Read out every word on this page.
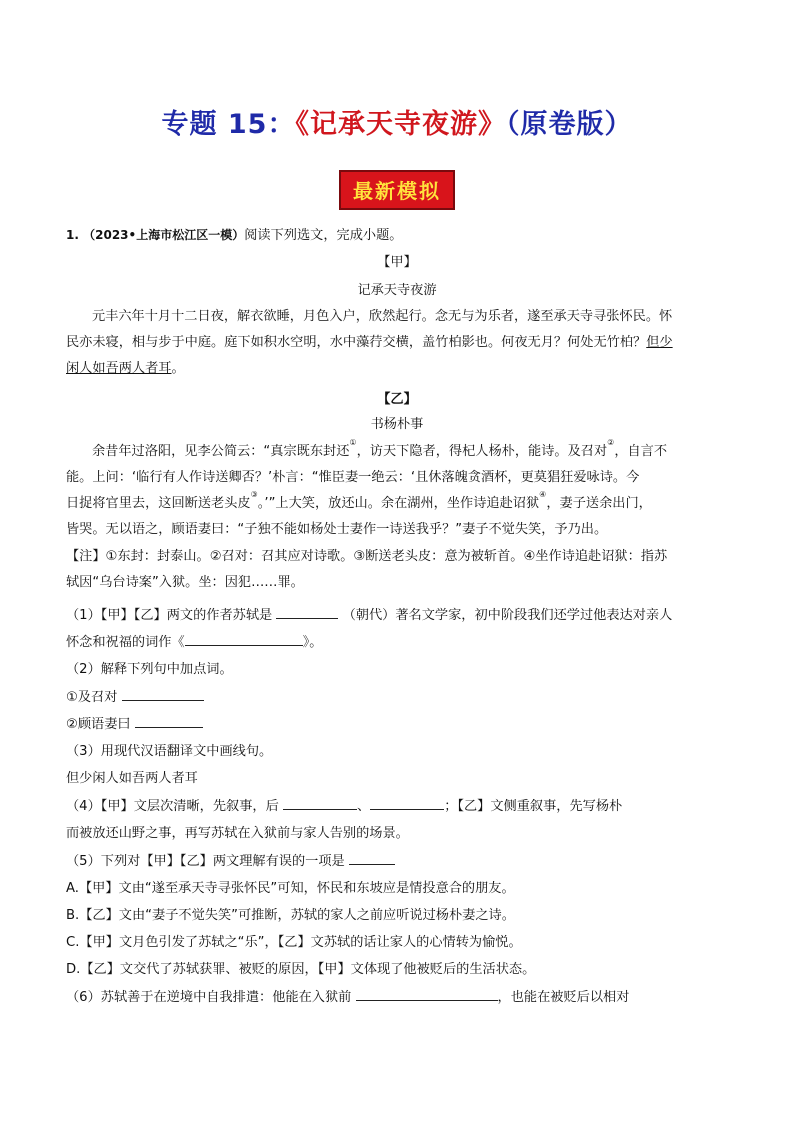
专题 15：《记承天寺夜游》（原卷版）
最新模拟
1. （2023•上海市松江区一模）阅读下列选文，完成小题。
【甲】
记承天寺夜游
元丰六年十月十二日夜，解衣欲睡，月色入户，欣然起行。念无与为乐者，遂至承天寺寻张怀民。怀
民亦未寝，相与步于中庭。庭下如积水空明，水中藻荇交横，盖竹柏影也。何夜无月？何处无竹柏？但少
闲人如吾两人者耳。
【乙】
书杨朴事
余昔年过洛阳，见李公简云：“真宗既东封还①，访天下隐者，得杞人杨朴，能诗。及召对②，自言不
能。上问：‘临行有人作诗送卿否？’朴言：“惟臣妻一绝云：‘且休落魄贪酒杯，更莫猖狂爱咏诗。今
日捉将官里去，这回断送老头皮③。’”上大笑，放还山。余在湖州，坐作诗追赴诏狱④，妻子送余出门，
皆哭。无以语之，顾语妻曰：“子独不能如杨处士妻作一诗送我乎？”妻子不觉失笑，予乃出。
【注】①东封：封泰山。②召对：召其应对诗歌。③断送老头皮：意为被斩首。④坐作诗追赴诏狱：指苏
轼因“乌台诗案”入狱。坐：因犯……罪。
（1）【甲】【乙】两文的作者苏轼是	（朝代）著名文学家，初中阶段我们还学过他表达对亲人
怀念和祝福的词作《	》。
（2）解释下列句中加点词。
①及召对
②顾语妻曰
（3）用现代汉语翻译文中画线句。
但少闲人如吾两人者耳
（4）【甲】文层次清晰，先叙事，后	、	；【乙】文侧重叙事，先写杨朴
而被放还山野之事，再写苏轼在入狱前与家人告别的场景。
（5）下列对【甲】【乙】两文理解有误的一项是
A.【甲】文由“遂至承天寺寻张怀民”可知，怀民和东坡应是情投意合的朋友。
B.【乙】文由“妻子不觉失笑”可推断，苏轼的家人之前应听说过杨朴妻之诗。
C.【甲】文月色引发了苏轼之“乐”，【乙】文苏轼的话让家人的心情转为愉悦。
D.【乙】文交代了苏轼获罪、被贬的原因，【甲】文体现了他被贬后的生活状态。
（6）苏轼善于在逆境中自我排遣：他能在入狱前	，也能在被贬后以相对
